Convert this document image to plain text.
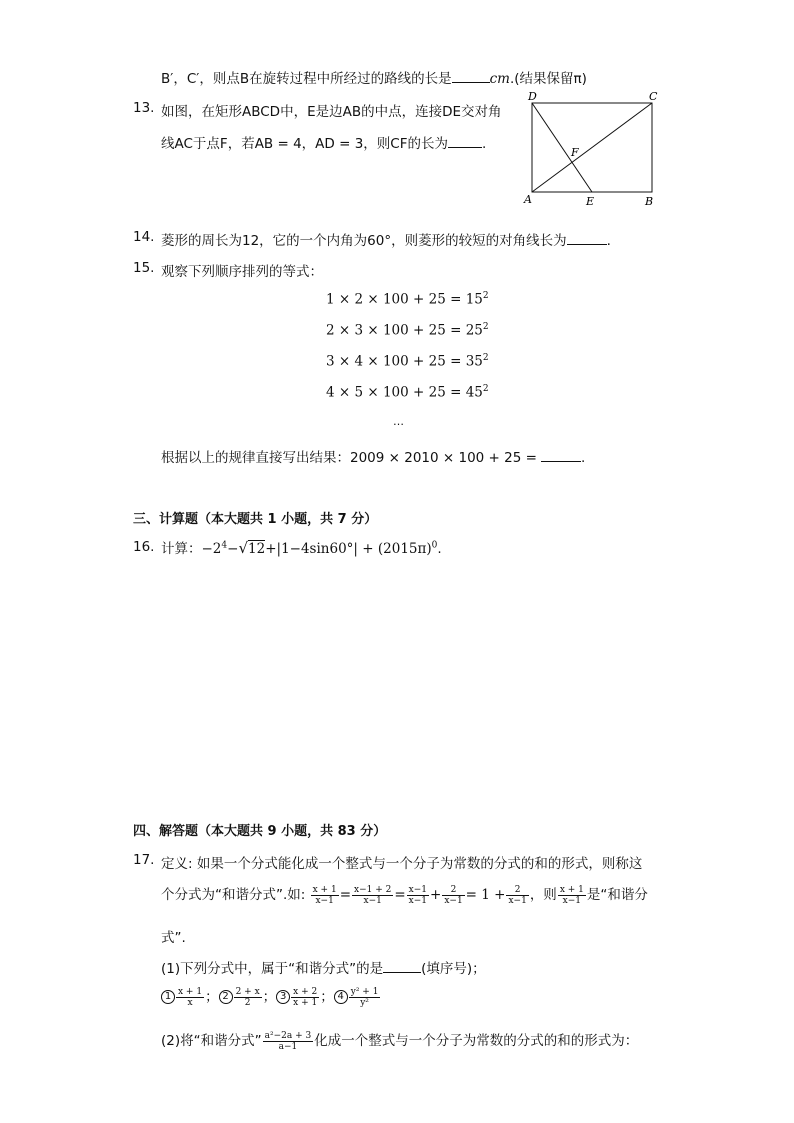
B′，C′，则点B在旋转过程中所经过的路线的长是	cm.(结果保留π)
13. 如图，在矩形ABCD中，E是边AB的中点，连接DE交对角
线AC于点F，若AB = 4，AD = 3，则CF的长为	.
D	C
F
A	E	B
14. 菱形的周长为12，它的一个内角为60°，则菱形的较短的对角线长为	.
15. 观察下列顺序排列的等式：
$1 \times 2 \times 100 + 25 = 15^2$
$2 \times 3 \times 100 + 25 = 25^2$
$3 \times 4 \times 100 + 25 = 35^2$
$4 \times 5 \times 100 + 25 = 45^2$
…
根据以上的规律直接写出结果：2009 × 2010 × 100 + 25 =	.
三、计算题（本大题共 1 小题，共 7 分）
16. 计算：$-2^4-√12+|1-4\sin 60^\circ| + (2015\pi)^0$.
四、解答题（本大题共 9 小题，共 83 分）
17. 定义: 如果一个分式能化成一个整式与一个分子为常数的分式的和的形式，则称这
个分式为“和谐分式”.如: $\frac{x + 1}{x-1} = \frac{x-1 + 2}{x-1} = \frac{x-1}{x-1} + \frac{2}{x-1} = 1 + \frac{2}{x-1}$ ，则 $\frac{x + 1}{x-1}$ 是“和谐分
式”.
(1)下列分式中，属于“和谐分式”的是	(填序号)；
$1 \frac{x + 1}{x}$ ； $2 \frac{2 + x}{2}$ ； $3 \frac{x + 2}{x + 1}$ ； $4 \frac{\text{y² + 1}}{\text{y²}}$
(2)将“和谐分式” $\frac{\text{a²−2a + 3}}{a-1}$ 化成一个整式与一个分子为常数的分式的和的形式为：
